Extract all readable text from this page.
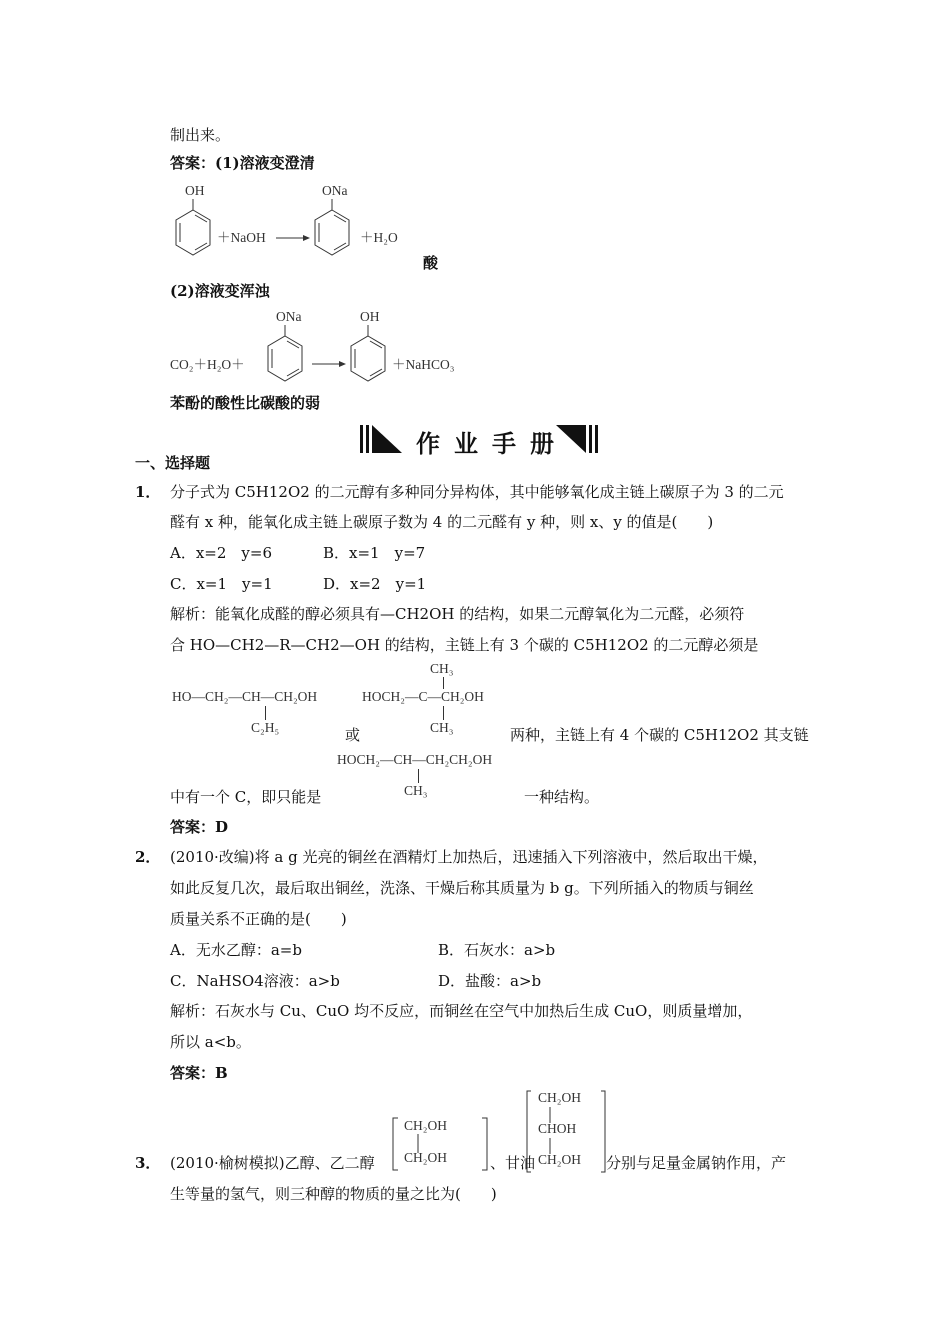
制出来。
答案：(1)溶液变澄清
OH
＋NaOH
ONa
＋H₂O
酸
(2)溶液变浑浊
CO₂＋H₂O＋
ONa	OH
＋NaHCO₃
苯酚的酸性比碳酸的弱
作业手册
一、选择题
1． 分子式为 C5H12O2 的二元醇有多种同分异构体，其中能够氧化成主链上碳原子为 3 的二元
醛有 x 种，能氧化成主链上碳原子数为 4 的二元醛有 y 种，则 x、y 的值是(　　)
A．x=2　y=6	B．x=1　y=7
C．x=1　y=1	D．x=2　y=1
解析：能氧化成醛的醇必须具有—CH2OH 的结构，如果二元醇氧化为二元醛，必须符
合 HO—CH2—R—CH2—OH 的结构，主链上有 3 个碳的 C5H12O2 的二元醇必须是
HO—CH₂—CH—CH₂OH
C₂H₅
CH₃
HOCH₂—C—CH₂OH
CH₃
或	两种，主链上有 4 个碳的 C5H12O2 其支链
HOCH₂—CH—CH₂CH₂OH
CH₃
中有一个 C，即只能是	一种结构。
答案：D
2． (2010·改编)将 a g 光亮的铜丝在酒精灯上加热后，迅速插入下列溶液中，然后取出干燥，
如此反复几次，最后取出铜丝，洗涤、干燥后称其质量为 b g。下列所插入的物质与铜丝
质量关系不正确的是(　　)
A．无水乙醇：a=b	B．石灰水：a>b
C．NaHSO4溶液：a>b	D．盐酸：a>b
解析：石灰水与 Cu、CuO 均不反应，而铜丝在空气中加热后生成 CuO，则质量增加，
所以 a<b。
答案：B
3． (2010·榆树模拟)乙醇、乙二醇
CH₂OH
CH₂OH	、甘油
CH₂OH
CHOH
CH₂OH 分别与足量金属钠作用，产
生等量的氢气，则三种醇的物质的量之比为(　　)
